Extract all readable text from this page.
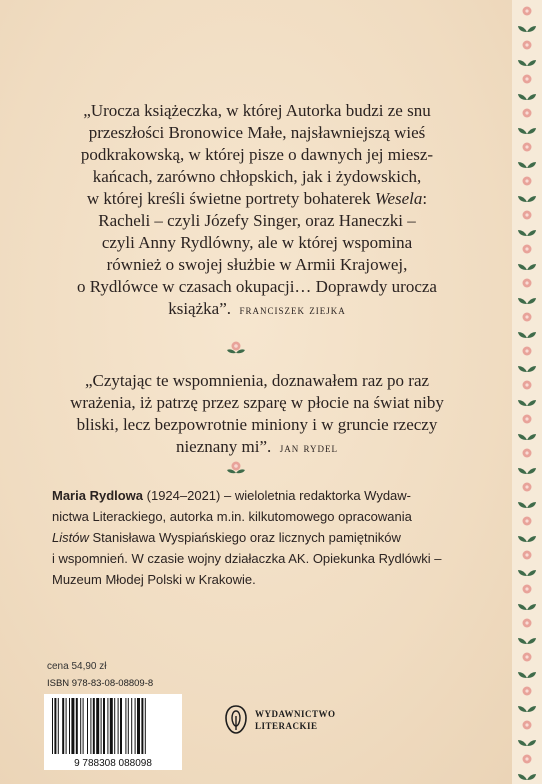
„Urocza książeczka, w której Autorka budzi ze snu
przeszłości Bronowice Małe, najsławniejszą wieś
podkrakowską, w której pisze o dawnych jej miesz-
kańcach, zarówno chłopskich, jak i żydowskich,
w której kreśli świetne portrety bohaterek Wesela:
Racheli – czyli Józefy Singer, oraz Haneczki –
czyli Anny Rydlówny, ale w której wspomina
również o swojej służbie w Armii Krajowej,
o Rydlówce w czasach okupacji… Doprawdy urocza
książka”. franciszek ziejka
„Czytając te wspomnienia, doznawałem raz po raz
wrażenia, iż patrzę przez szparę w płocie na świat niby
bliski, lecz bezpowrotnie miniony i w gruncie rzeczy
nieznany mi”. jan rydel
Maria Rydlowa (1924–2021) – wieloletnia redaktorka Wydaw-
nictwa Literackiego, autorka m.in. kilkutomowego opracowania
Listów Stanisława Wyspiańskiego oraz licznych pamiętników
i wspomnień. W czasie wojny działaczka AK. Opiekunka Rydlówki –
Muzeum Młodej Polski w Krakowie.
cena 54,90 zł
ISBN 978-83-08-08809-8
9 788308 088098
WYDAWNICTWO
LITERACKIE
